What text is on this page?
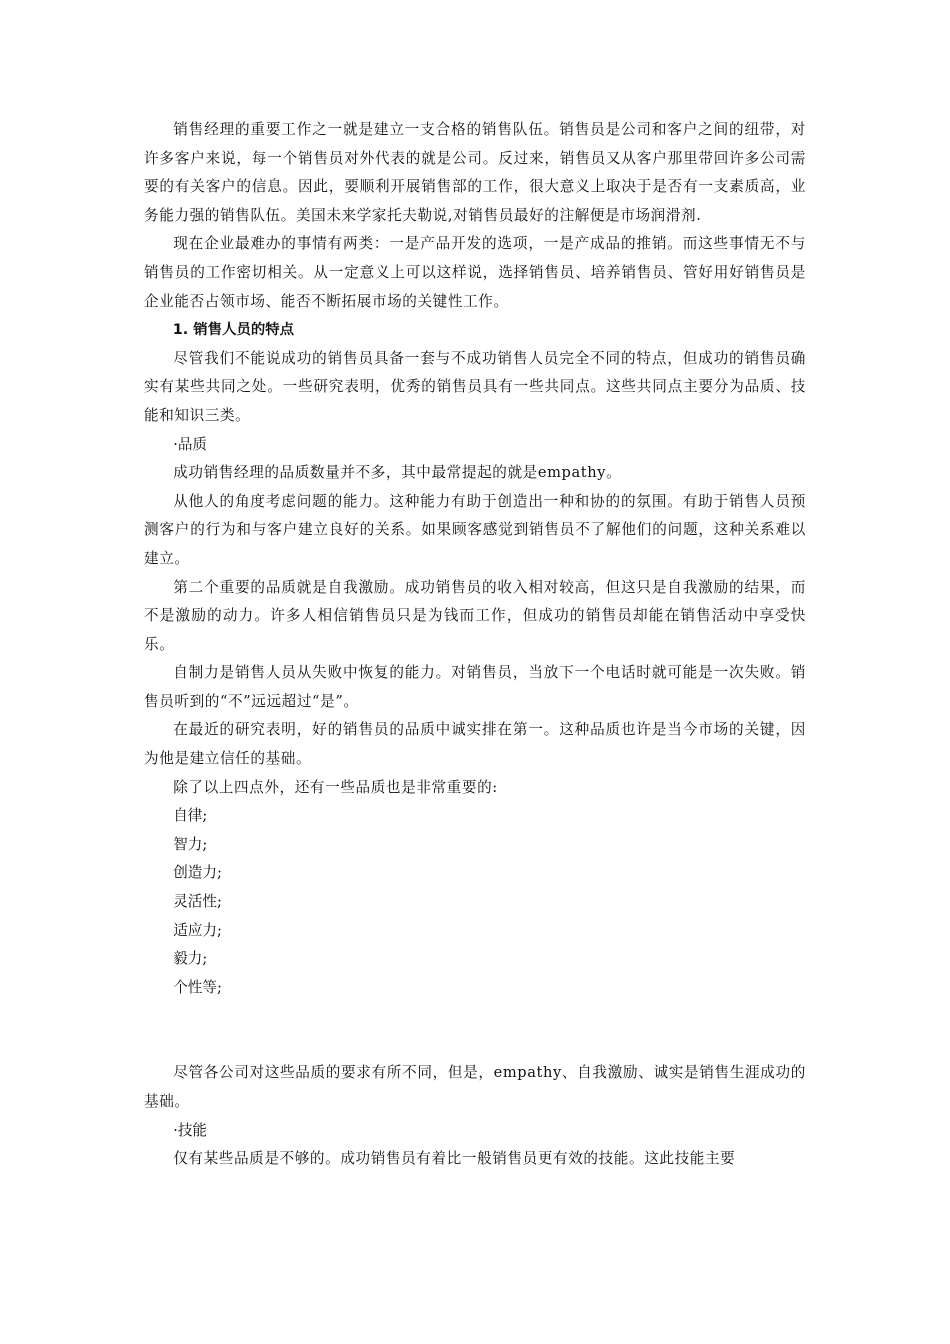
销售经理的重要工作之一就是建立一支合格的销售队伍。销售员是公司和客户之间的纽带，对许多客户来说，每一个销售员对外代表的就是公司。反过来，销售员又从客户那里带回许多公司需要的有关客户的信息。因此，要顺利开展销售部的工作，很大意义上取决于是否有一支素质高，业务能力强的销售队伍。美国未来学家托夫勒说,对销售员最好的注解便是市场润滑剂.

现在企业最难办的事情有两类：一是产品开发的选项，一是产成品的推销。而这些事情无不与销售员的工作密切相关。从一定意义上可以这样说，选择销售员、培养销售员、管好用好销售员是企业能否占领市场、能否不断拓展市场的关键性工作。

1. 销售人员的特点

尽管我们不能说成功的销售员具备一套与不成功销售人员完全不同的特点，但成功的销售员确实有某些共同之处。一些研究表明，优秀的销售员具有一些共同点。这些共同点主要分为品质、技能和知识三类。

·品质

成功销售经理的品质数量并不多，其中最常提起的就是empathy。

从他人的角度考虑问题的能力。这种能力有助于创造出一种和协的的氛围。有助于销售人员预测客户的行为和与客户建立良好的关系。如果顾客感觉到销售员不了解他们的问题，这种关系难以建立。

第二个重要的品质就是自我激励。成功销售员的收入相对较高，但这只是自我激励的结果，而不是激励的动力。许多人相信销售员只是为钱而工作，但成功的销售员却能在销售活动中享受快乐。

自制力是销售人员从失败中恢复的能力。对销售员，当放下一个电话时就可能是一次失败。销售员听到的“不”远远超过“是”。

在最近的研究表明，好的销售员的品质中诚实排在第一。这种品质也许是当今市场的关键，因为他是建立信任的基础。

除了以上四点外，还有一些品质也是非常重要的:

自律;

智力;

创造力;

灵活性;

适应力;

毅力;

个性等;

尽管各公司对这些品质的要求有所不同，但是，empathy、自我激励、诚实是销售生涯成功的基础。

·技能

仅有某些品质是不够的。成功销售员有着比一般销售员更有效的技能。这此技能主要
